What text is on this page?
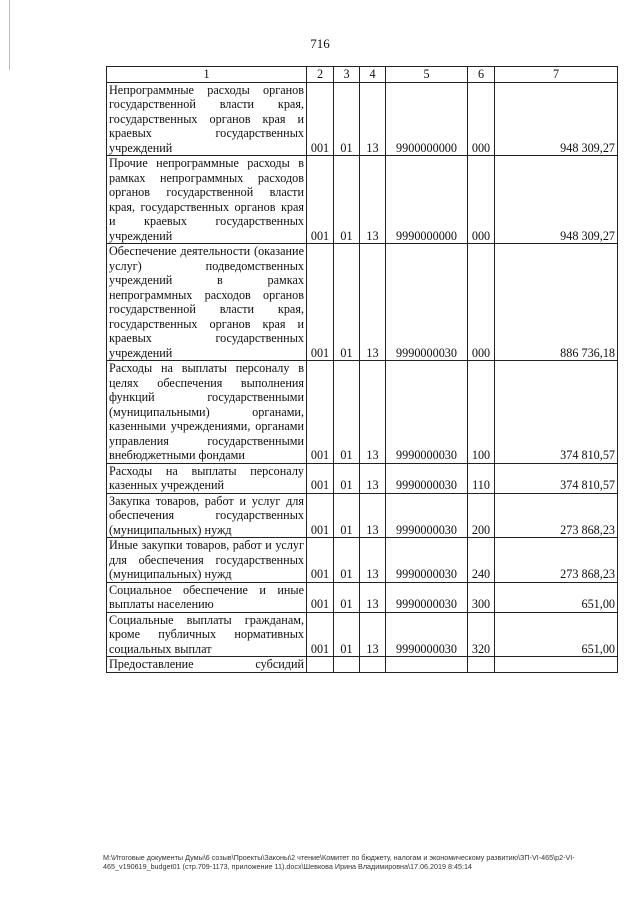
716
1	2	3	4	5	6	7
Непрограммные расходы органов государственной власти края, государственных органов края и краевых государственных учреждений	001	01	13	9900000000	000	948 309,27
Прочие непрограммные расходы в рамках непрограммных расходов органов государственной власти края, государственных органов края и краевых государственных учреждений	001	01	13	9990000000	000	948 309,27
Обеспечение деятельности (оказание услуг) подведомственных учреждений в рамках непрограммных расходов органов государственной власти края, государственных органов края и краевых государственных учреждений	001	01	13	9990000030	000	886 736,18
Расходы на выплаты персоналу в целях обеспечения выполнения функций государственными (муниципальными) органами, казенными учреждениями, органами управления государственными внебюджетными фондами	001	01	13	9990000030	100	374 810,57
Расходы на выплаты персоналу казенных учреждений	001	01	13	9990000030	110	374 810,57
Закупка товаров, работ и услуг для обеспечения государственных (муниципальных) нужд	001	01	13	9990000030	200	273 868,23
Иные закупки товаров, работ и услуг для обеспечения государственных (муниципальных) нужд	001	01	13	9990000030	240	273 868,23
Социальное обеспечение и иные выплаты населению	001	01	13	9990000030	300	651,00
Социальные выплаты гражданам, кроме публичных нормативных социальных выплат	001	01	13	9990000030	320	651,00
Предоставление субсидий						
M:\Итоговые документы Думы\6 созыв\Проекты\Законы\2 чтение\Комитет по бюджету, налогам и экономическому развитию\ЗП-VI-465\р2-VI-465_v190619_budget01 (стр.709-1173, приложение 11).docx\Шевкова Ирина Владимировна\17.06.2019 8:45:14
